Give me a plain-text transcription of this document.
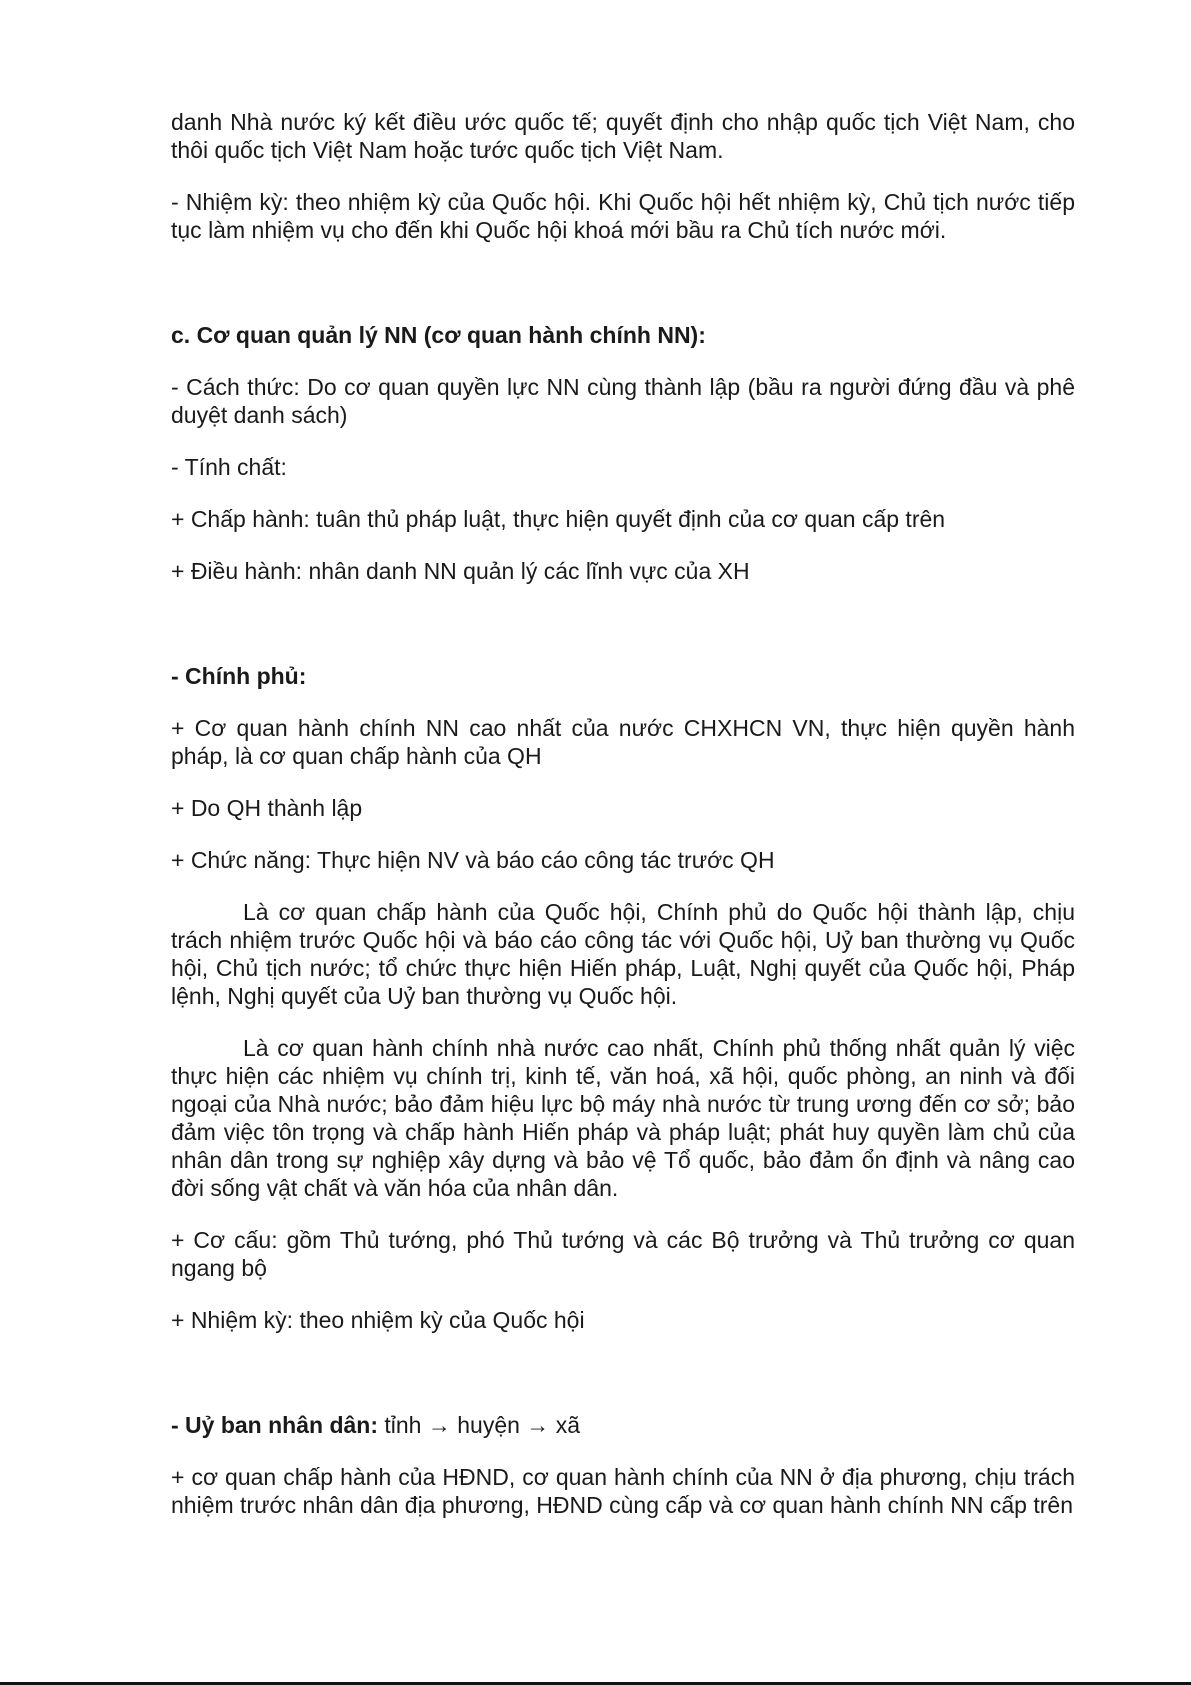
danh Nhà nước ký kết điều ước quốc tế; quyết định cho nhập quốc tịch Việt Nam, cho thôi quốc tịch Việt Nam hoặc tước quốc tịch Việt Nam.

- Nhiệm kỳ: theo nhiệm kỳ của Quốc hội. Khi Quốc hội hết nhiệm kỳ, Chủ tịch nước tiếp tục làm nhiệm vụ cho đến khi Quốc hội khoá mới bầu ra Chủ tích nước mới.

c. Cơ quan quản lý NN (cơ quan hành chính NN):

- Cách thức: Do cơ quan quyền lực NN cùng thành lập (bầu ra người đứng đầu và phê duyệt danh sách)

- Tính chất:

+ Chấp hành: tuân thủ pháp luật, thực hiện quyết định của cơ quan cấp trên

+ Điều hành: nhân danh NN quản lý các lĩnh vực của XH

- Chính phủ:

+ Cơ quan hành chính NN cao nhất của nước CHXHCN VN, thực hiện quyền hành pháp, là cơ quan chấp hành của QH

+ Do QH thành lập

+ Chức năng: Thực hiện NV và báo cáo công tác trước QH

Là cơ quan chấp hành của Quốc hội, Chính phủ do Quốc hội thành lập, chịu trách nhiệm trước Quốc hội và báo cáo công tác với Quốc hội, Uỷ ban thường vụ Quốc hội, Chủ tịch nước; tổ chức thực hiện Hiến pháp, Luật, Nghị quyết của Quốc hội, Pháp lệnh, Nghị quyết của Uỷ ban thường vụ Quốc hội.

Là cơ quan hành chính nhà nước cao nhất, Chính phủ thống nhất quản lý việc thực hiện các nhiệm vụ chính trị, kinh tế, văn hoá, xã hội, quốc phòng, an ninh và đối ngoại của Nhà nước; bảo đảm hiệu lực bộ máy nhà nước từ trung ương đến cơ sở; bảo đảm việc tôn trọng và chấp hành Hiến pháp và pháp luật; phát huy quyền làm chủ của nhân dân trong sự nghiệp xây dựng và bảo vệ Tổ quốc, bảo đảm ổn định và nâng cao đời sống vật chất và văn hóa của nhân dân.

+ Cơ cấu: gồm Thủ tướng, phó Thủ tướng và các Bộ trưởng và Thủ trưởng cơ quan ngang bộ

+ Nhiệm kỳ: theo nhiệm kỳ của Quốc hội

- Uỷ ban nhân dân: tỉnh → huyện → xã

+ cơ quan chấp hành của HĐND, cơ quan hành chính của NN ở địa phương, chịu trách nhiệm trước nhân dân địa phương, HĐND cùng cấp và cơ quan hành chính NN cấp trên
